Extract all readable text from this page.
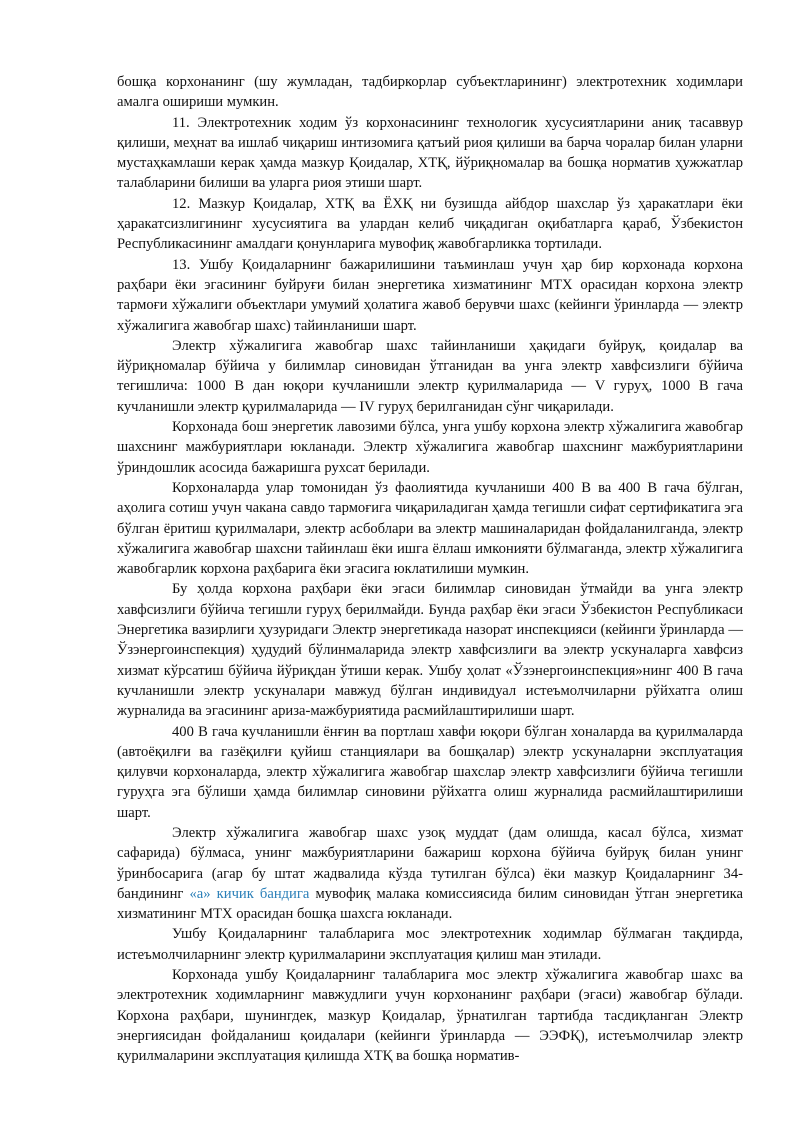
бошқа корхонанинг (шу жумладан, тадбиркорлар субъектларининг) электротехник ходимлари амалга ошириши мумкин.

11. Электротехник ходим ўз корхонасининг технологик хусусиятларини аниқ тасаввур қилиши, меҳнат ва ишлаб чиқариш интизомига қатъий риоя қилиши ва барча чоралар билан уларни мустаҳкамлаши керак ҳамда мазкур Қоидалар, ХТҚ, йўриқномалар ва бошқа норматив ҳужжатлар талабларини билиши ва уларга риоя этиши шарт.

12. Мазкур Қоидалар, ХТҚ ва ЁХҚ ни бузишда айбдор шахслар ўз ҳаракатлари ёки ҳаракатсизлигининг хусусиятига ва улардан келиб чиқадиган оқибатларга қараб, Ўзбекистон Республикасининг амалдаги қонунларига мувофиқ жавобгарликка тортилади.

13. Ушбу Қоидаларнинг бажарилишини таъминлаш учун ҳар бир корхонада корхона раҳбари ёки эгасининг буйруғи билан энергетика хизматининг МТХ орасидан корхона электр тармоғи хўжалиги объектлари умумий ҳолатига жавоб берувчи шахс (кейинги ўринларда — электр хўжалигига жавобгар шахс) тайинланиши шарт.

Электр хўжалигига жавобгар шахс тайинланиши ҳақидаги буйруқ, қоидалар ва йўриқномалар бўйича у билимлар синовидан ўтганидан ва унга электр хавфсизлиги бўйича тегишлича: 1000 В дан юқори кучланишли электр қурилмаларида — V гуруҳ, 1000 В гача кучланишли электр қурилмаларида — IV гуруҳ берилганидан сўнг чиқарилади.

Корхонада бош энергетик лавозими бўлса, унга ушбу корхона электр хўжалигига жавобгар шахснинг мажбуриятлари юкланади. Электр хўжалигига жавобгар шахснинг мажбуриятларини ўриндошлик асосида бажаришга рухсат берилади.

Корхоналарда улар томонидан ўз фаолиятида кучланиши 400 В ва 400 В гача бўлган, аҳолига сотиш учун чакана савдо тармоғига чиқариладиган ҳамда тегишли сифат сертификатига эга бўлган ёритиш қурилмалари, электр асбоблари ва электр машиналаридан фойдаланилганда, электр хўжалигига жавобгар шахсни тайинлаш ёки ишга ёллаш имконияти бўлмаганда, электр хўжалигига жавобгарлик корхона раҳбарига ёки эгасига юклатилиши мумкин.

Бу ҳолда корхона раҳбари ёки эгаси билимлар синовидан ўтмайди ва унга электр хавфсизлиги бўйича тегишли гуруҳ берилмайди. Бунда раҳбар ёки эгаси Ўзбекистон Республикаси Энергетика вазирлиги ҳузуридаги Электр энергетикада назорат инспекцияси (кейинги ўринларда — Ўзэнергоинспекция) ҳудудий бўлинмаларида электр хавфсизлиги ва электр ускуналарга хавфсиз хизмат кўрсатиш бўйича йўриқдан ўтиши керак. Ушбу ҳолат «Ўзэнергоинспекция»нинг 400 В гача кучланишли электр ускуналари мавжуд бўлган индивидуал истеъмолчиларни рўйхатга олиш журналида ва эгасининг ариза-мажбуриятида расмийлаштирилиши шарт.

400 В гача кучланишли ёнғин ва портлаш хавфи юқори бўлган хоналарда ва қурилмаларда (автоёқилғи ва газёқилғи қуйиш станциялари ва бошқалар) электр ускуналарни эксплуатация қилувчи корхоналарда, электр хўжалигига жавобгар шахслар электр хавфсизлиги бўйича тегишли гуруҳга эга бўлиши ҳамда билимлар синовини рўйхатга олиш журналида расмийлаштирилиши шарт.

Электр хўжалигига жавобгар шахс узоқ муддат (дам олишда, касал бўлса, хизмат сафарида) бўлмаса, унинг мажбуриятларини бажариш корхона бўйича буйруқ билан унинг ўринбосарига (агар бу штат жадвалида кўзда тутилган бўлса) ёки мазкур Қоидаларнинг 34-бандининг «а» кичик бандига мувофиқ малака комиссиясида билим синовидан ўтган энергетика хизматининг МТХ орасидан бошқа шахсга юкланади.

Ушбу Қоидаларнинг талабларига мос электротехник ходимлар бўлмаган тақдирда, истеъмолчиларнинг электр қурилмаларини эксплуатация қилиш ман этилади.

Корхонада ушбу Қоидаларнинг талабларига мос электр хўжалигига жавобгар шахс ва электротехник ходимларнинг мавжудлиги учун корхонанинг раҳбари (эгаси) жавобгар бўлади. Корхона раҳбари, шунингдек, мазкур Қоидалар, ўрнатилган тартибда тасдиқланган Электр энергиясидан фойдаланиш қоидалари (кейинги ўринларда — ЭЭФҚ), истеъмолчилар электр қурилмаларини эксплуатация қилишда ХТҚ ва бошқа норматив-
